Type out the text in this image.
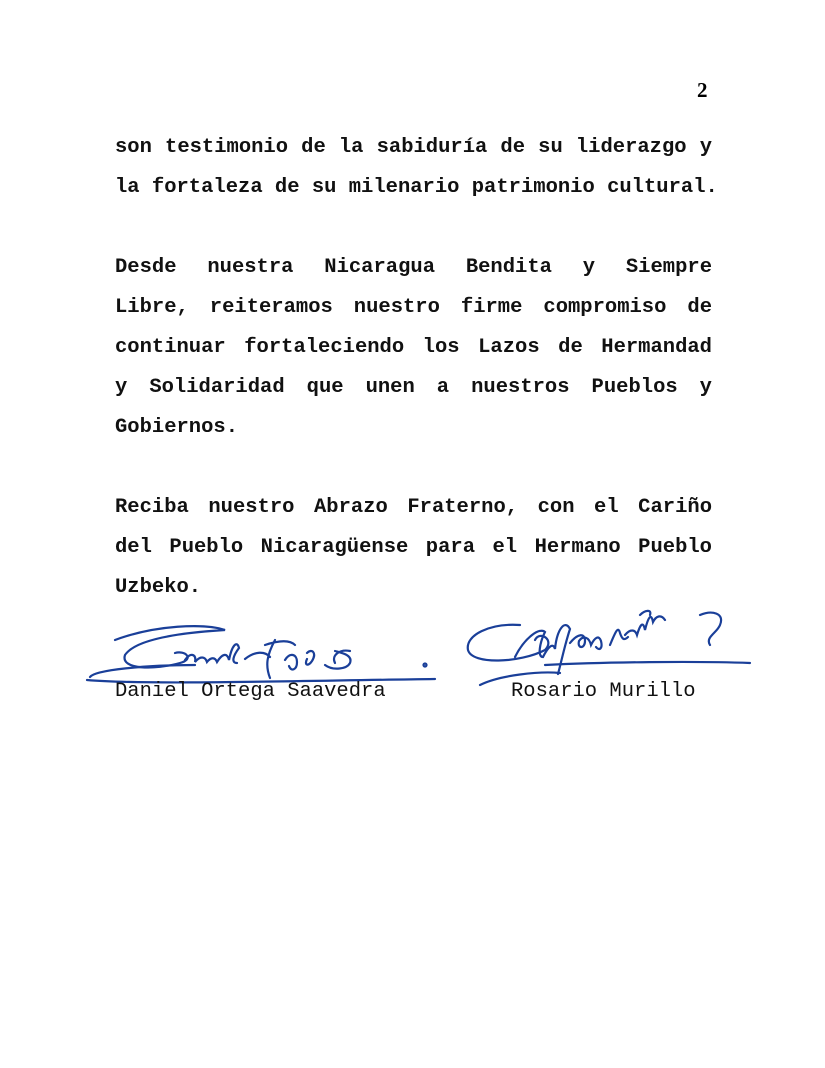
2
son testimonio de la sabiduría de su liderazgo y
la fortaleza de su milenario patrimonio cultural.
Desde nuestra Nicaragua Bendita y Siempre
Libre, reiteramos nuestro firme compromiso de
continuar fortaleciendo los Lazos de Hermandad
y Solidaridad que unen a nuestros Pueblos y
Gobiernos.
Reciba nuestro Abrazo Fraterno, con el Cariño
del Pueblo Nicaragüense para el Hermano Pueblo
Uzbeko.
Daniel Ortega Saavedra	Rosario Murillo
